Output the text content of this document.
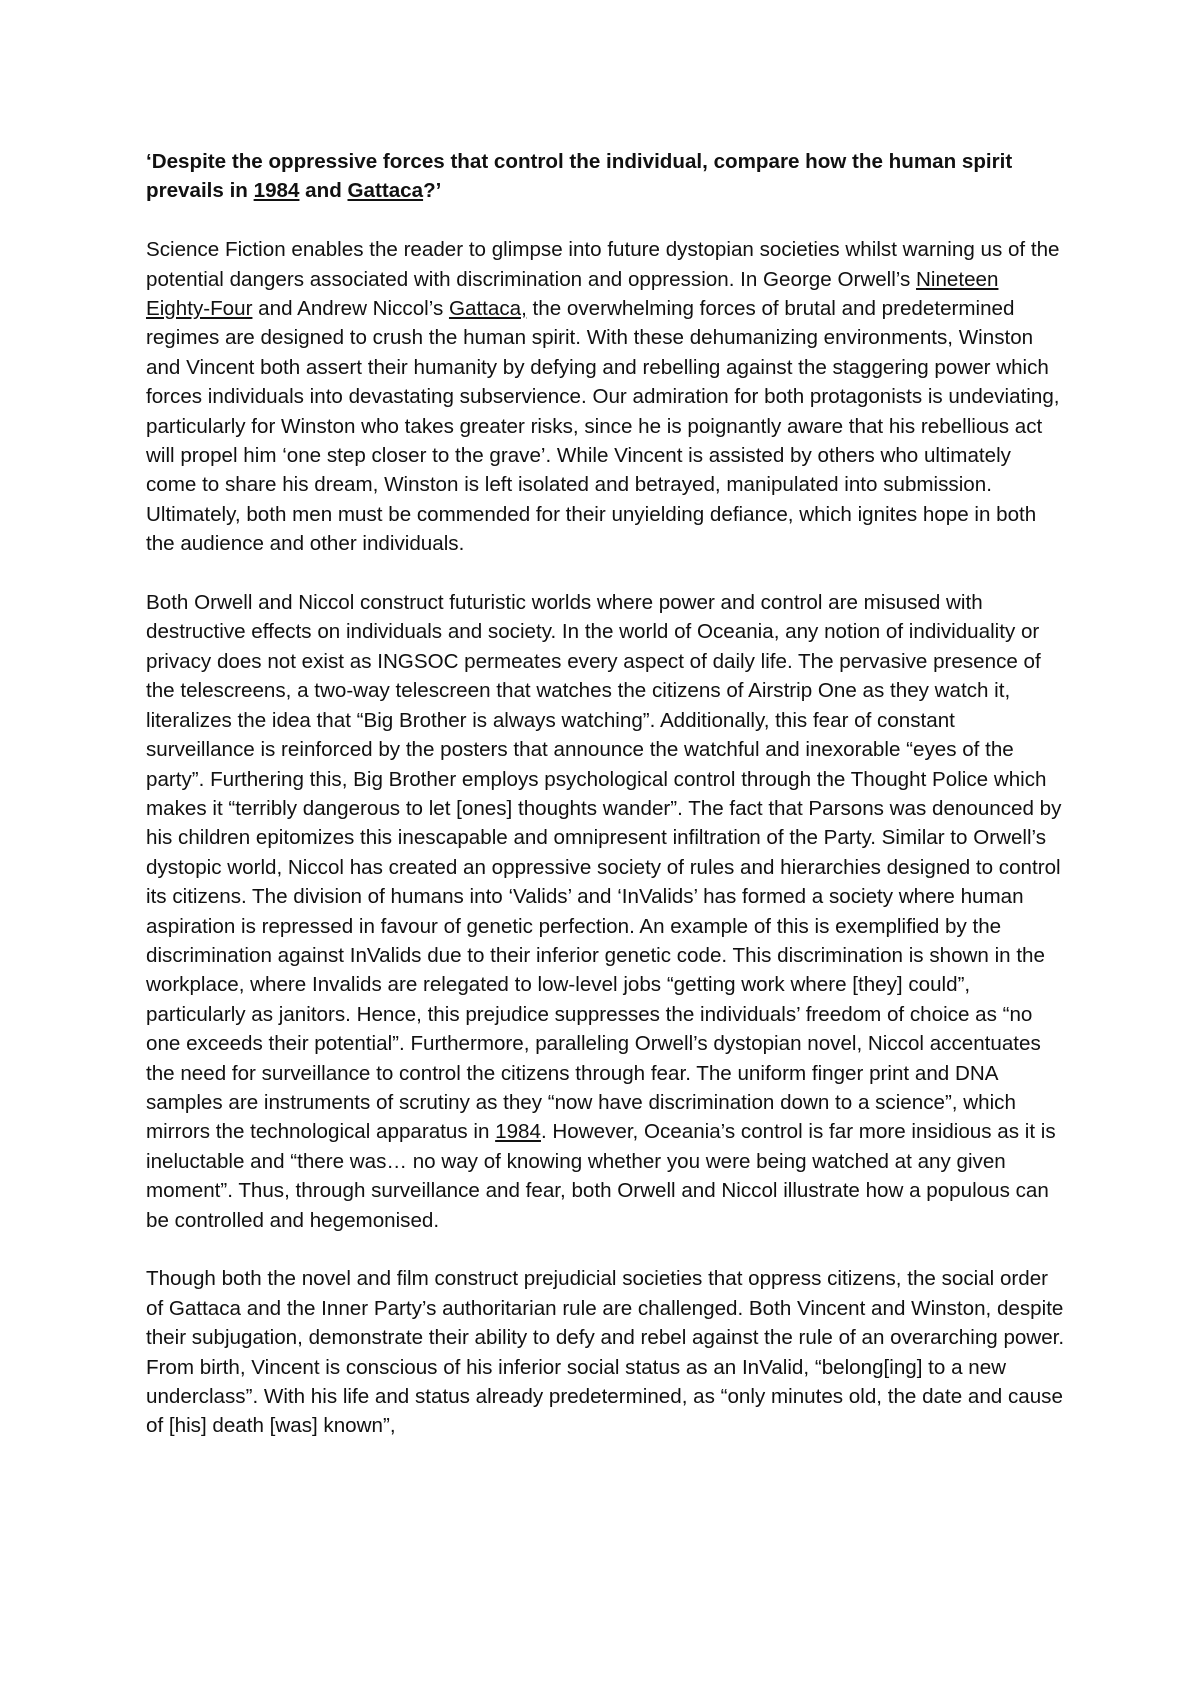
‘Despite the oppressive forces that control the individual, compare how the human spirit prevails in 1984 and Gattaca?’

Science Fiction enables the reader to glimpse into future dystopian societies whilst warning us of the potential dangers associated with discrimination and oppression. In George Orwell’s Nineteen Eighty-Four and Andrew Niccol’s Gattaca, the overwhelming forces of brutal and predetermined regimes are designed to crush the human spirit. With these dehumanizing environments, Winston and Vincent both assert their humanity by defying and rebelling against the staggering power which forces individuals into devastating subservience. Our admiration for both protagonists is undeviating, particularly for Winston who takes greater risks, since he is poignantly aware that his rebellious act will propel him ‘one step closer to the grave’. While Vincent is assisted by others who ultimately come to share his dream, Winston is left isolated and betrayed, manipulated into submission. Ultimately, both men must be commended for their unyielding defiance, which ignites hope in both the audience and other individuals.

Both Orwell and Niccol construct futuristic worlds where power and control are misused with destructive effects on individuals and society. In the world of Oceania, any notion of individuality or privacy does not exist as INGSOC permeates every aspect of daily life. The pervasive presence of the telescreens, a two-way telescreen that watches the citizens of Airstrip One as they watch it, literalizes the idea that “Big Brother is always watching”. Additionally, this fear of constant surveillance is reinforced by the posters that announce the watchful and inexorable “eyes of the party”. Furthering this, Big Brother employs psychological control through the Thought Police which makes it “terribly dangerous to let [ones] thoughts wander”. The fact that Parsons was denounced by his children epitomizes this inescapable and omnipresent infiltration of the Party. Similar to Orwell’s dystopic world, Niccol has created an oppressive society of rules and hierarchies designed to control its citizens. The division of humans into ‘Valids’ and ‘InValids’ has formed a society where human aspiration is repressed in favour of genetic perfection. An example of this is exemplified by the discrimination against InValids due to their inferior genetic code. This discrimination is shown in the workplace, where Invalids are relegated to low-level jobs “getting work where [they] could”, particularly as janitors. Hence, this prejudice suppresses the individuals’ freedom of choice as “no one exceeds their potential”. Furthermore, paralleling Orwell’s dystopian novel, Niccol accentuates the need for surveillance to control the citizens through fear. The uniform finger print and DNA samples are instruments of scrutiny as they “now have discrimination down to a science”, which mirrors the technological apparatus in 1984. However, Oceania’s control is far more insidious as it is ineluctable and “there was… no way of knowing whether you were being watched at any given moment”. Thus, through surveillance and fear, both Orwell and Niccol illustrate how a populous can be controlled and hegemonised.

Though both the novel and film construct prejudicial societies that oppress citizens, the social order of Gattaca and the Inner Party’s authoritarian rule are challenged. Both Vincent and Winston, despite their subjugation, demonstrate their ability to defy and rebel against the rule of an overarching power. From birth, Vincent is conscious of his inferior social status as an InValid, “belong[ing] to a new underclass”. With his life and status already predetermined, as “only minutes old, the date and cause of [his] death [was] known”,
